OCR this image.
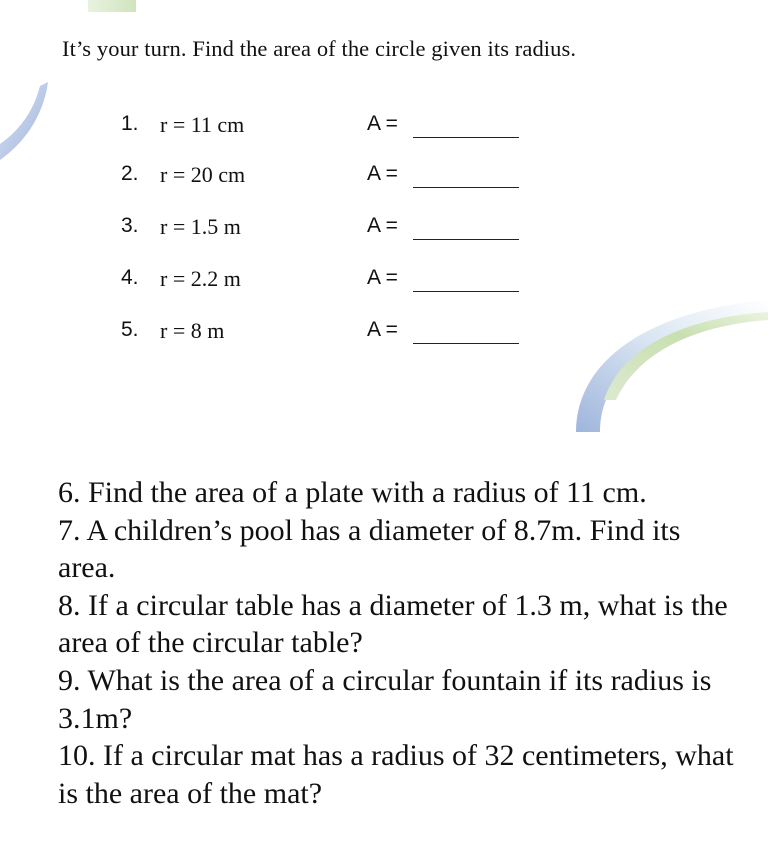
It’s your turn. Find the area of the circle given its radius.
1. r = 11 cm	A =
2. r = 20 cm	A =
3. r = 1.5 m	A =
4. r = 2.2 m	A =
5. r = 8 m	A =

6. Find the area of a plate with a radius of 11 cm.

7. A children’s pool has a diameter of 8.7m. Find its area.

8. If a circular table has a diameter of 1.3 m, what is the area of the circular table?

9. What is the area of a circular fountain if its radius is 3.1m?

10. If a circular mat has a radius of 32 centimeters, what is the area of the mat?
